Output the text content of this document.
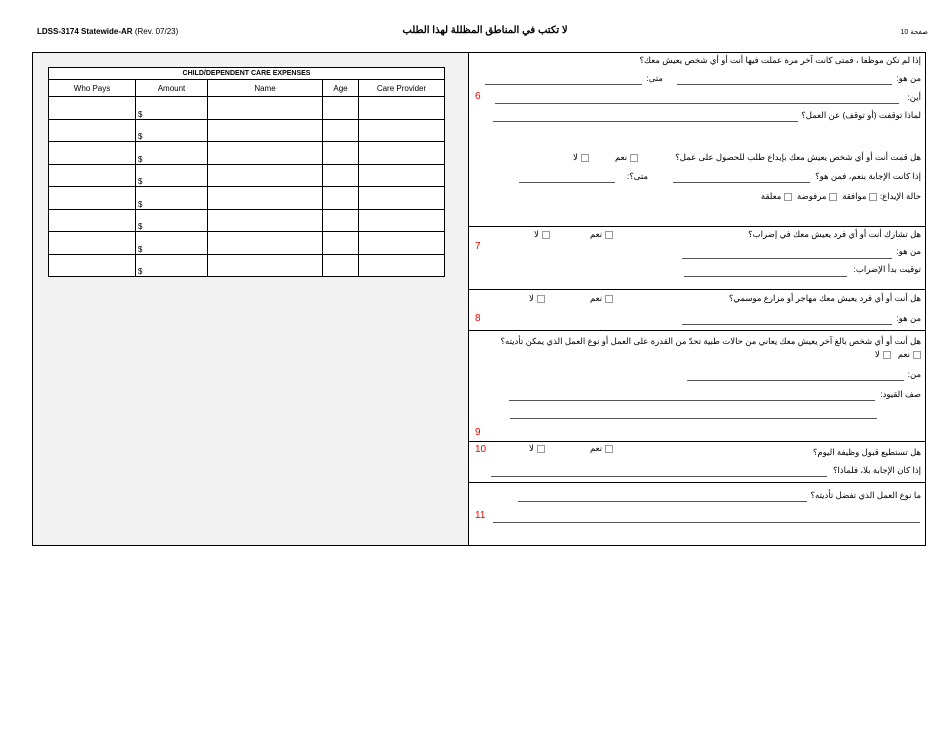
LDSS-3174 Statewide-AR (Rev. 07/23)	لا تكتب في المناطق المظللة لهذا الطلب	صفحة 10
CHILD/DEPENDENT CARE EXPENSES				
Who Pays	Amount	Name	Age	Care Provider
	$			
	$			
	$			
	$			
	$			
	$			
	$			
	$			
إذا لم تكن موظفا ، فمتى كانت آخر مرة عملت فيها أنت أو أي شخص يعيش معك؟
من هو:
متى:
6	أين:
لماذا توقفت (أو توقف) عن العمل؟
هل قمت أنت أو أي شخص يعيش معك بإيداع طلب للحصول على عمل؟
نعم
لا
إذا كانت الإجابة بنعم، فمن هو؟
متى؟:
حالة الإيداع: موافقة  مرفوضة  معلقة
هل تشارك أنت أو أي فرد يعيش معك في إضراب؟
نعم
لا
7	من هو:
توقيت بدأ الإضراب:
هل أنت أو أي فرد يعيش معك مهاجر أو مزارع موسمي؟
نعم
لا
8	من هو:
هل أنت أو أي شخص بالغ آخر يعيش معك يعاني من حالات طبية تحدّ من القدرة على العمل أو نوع العمل الذي يمكن تأديته؟
نعم   لا
من:
صف القيود:
9
10	هل تستطيع قبول وظيفة اليوم؟
نعم
لا
إذا كان الإجابة بلا، فلماذا؟
ما نوع العمل الذي تفضل تأديته؟
11
